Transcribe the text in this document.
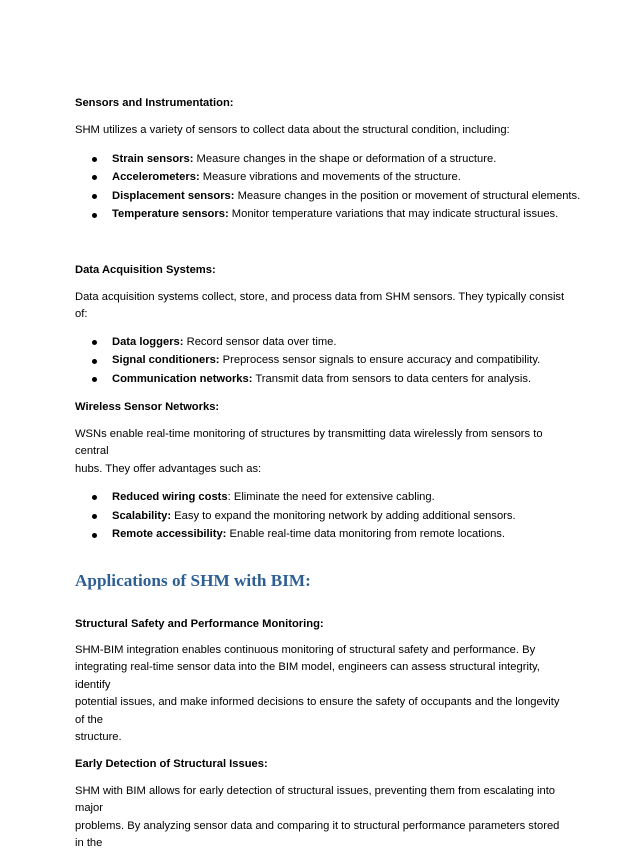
Sensors and Instrumentation:

SHM utilizes a variety of sensors to collect data about the structural condition, including:

Strain sensors: Measure changes in the shape or deformation of a structure.
Accelerometers: Measure vibrations and movements of the structure.
Displacement sensors: Measure changes in the position or movement of structural elements.
Temperature sensors: Monitor temperature variations that may indicate structural issues.

Data Acquisition Systems:

Data acquisition systems collect, store, and process data from SHM sensors. They typically consist of:

Data loggers: Record sensor data over time.
Signal conditioners: Preprocess sensor signals to ensure accuracy and compatibility.
Communication networks: Transmit data from sensors to data centers for analysis.

Wireless Sensor Networks:

WSNs enable real-time monitoring of structures by transmitting data wirelessly from sensors to central

hubs. They offer advantages such as:

Reduced wiring costs: Eliminate the need for extensive cabling.
Scalability: Easy to expand the monitoring network by adding additional sensors.
Remote accessibility: Enable real-time data monitoring from remote locations.

Applications of SHM with BIM:

Structural Safety and Performance Monitoring:

SHM-BIM integration enables continuous monitoring of structural safety and performance. By

integrating real-time sensor data into the BIM model, engineers can assess structural integrity, identify

potential issues, and make informed decisions to ensure the safety of occupants and the longevity of the

structure.

Early Detection of Structural Issues:

SHM with BIM allows for early detection of structural issues, preventing them from escalating into major

problems. By analyzing sensor data and comparing it to structural performance parameters stored in the
